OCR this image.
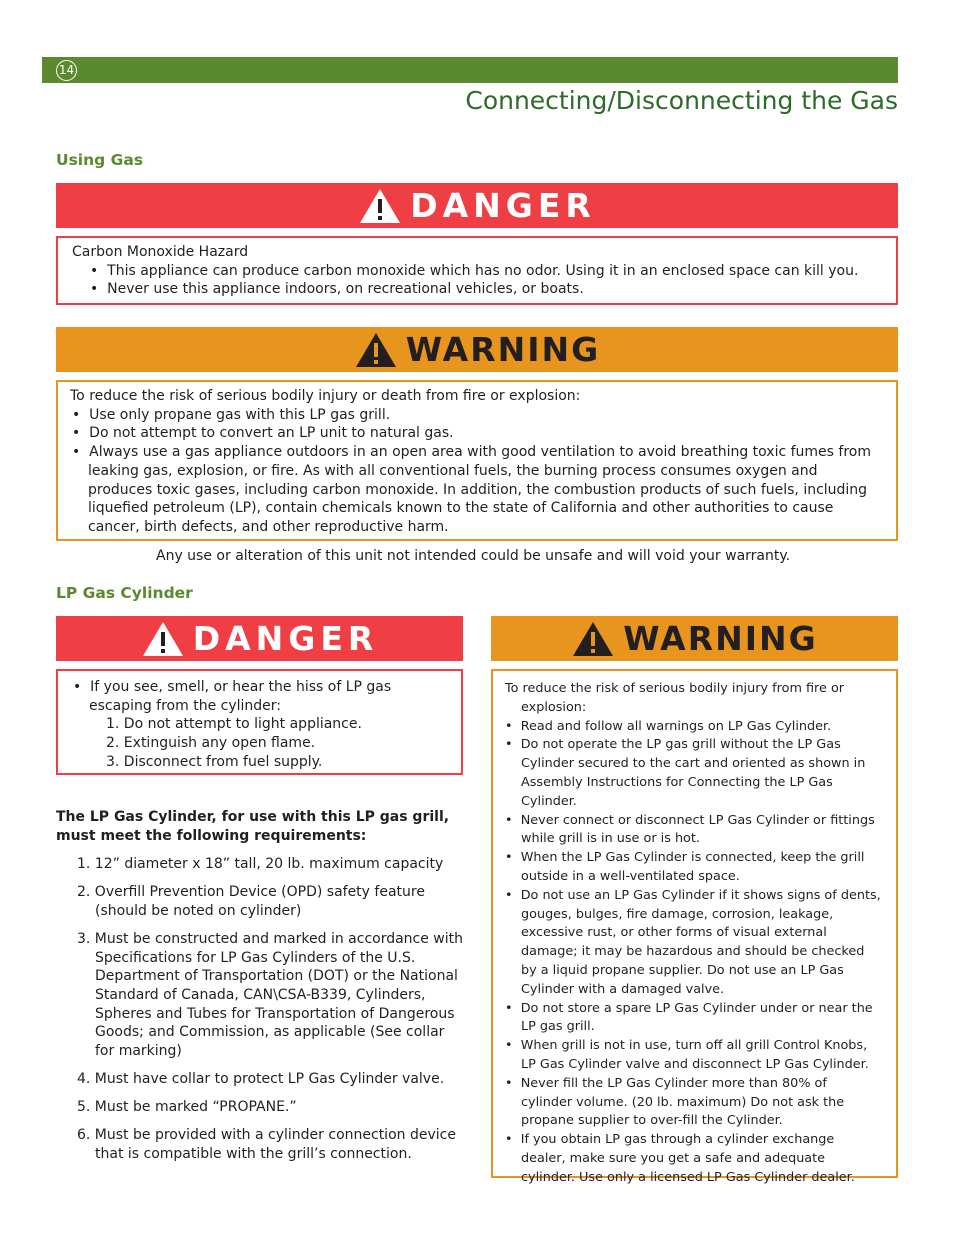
14
Connecting/Disconnecting the Gas
Using Gas
DANGER
Carbon Monoxide Hazard
•  This appliance can produce carbon monoxide which has no odor. Using it in an enclosed space can kill you.
•  Never use this appliance indoors, on recreational vehicles, or boats.
WARNING
To reduce the risk of serious bodily injury or death from fire or explosion:
•  Use only propane gas with this LP gas grill.
•  Do not attempt to convert an LP unit to natural gas.
•  Always use a gas appliance outdoors in an open area with good ventilation to avoid breathing toxic fumes from leaking gas, explosion, or fire. As with all conventional fuels, the burning process consumes oxygen and produces toxic gases, including carbon monoxide. In addition, the combustion products of such fuels, including liquefied petroleum (LP), contain chemicals known to the state of California and other authorities to cause cancer, birth defects, and other reproductive harm.
Any use or alteration of this unit not intended could be unsafe and will void your warranty.
LP Gas Cylinder
DANGER
•  If you see, smell, or hear the hiss of LP gas escaping from the cylinder:
1. Do not attempt to light appliance.
2. Extinguish any open flame.
3. Disconnect from fuel supply.
The LP Gas Cylinder, for use with this LP gas grill, must meet the following requirements:
1. 12” diameter x 18” tall, 20 lb. maximum capacity
2. Overfill Prevention Device (OPD) safety feature (should be noted on cylinder)
3. Must be constructed and marked in accordance with Specifications for LP Gas Cylinders of the U.S. Department of Transportation (DOT) or the National Standard of Canada, CAN\CSA-B339, Cylinders, Spheres and Tubes for Transportation of Dangerous Goods; and Commission, as applicable (See collar for marking)
4. Must have collar to protect LP Gas Cylinder valve.
5. Must be marked “PROPANE.”
6. Must be provided with a cylinder connection device that is compatible with the grill’s connection.
WARNING
To reduce the risk of serious bodily injury from fire or explosion:
•  Read and follow all warnings on LP Gas Cylinder.
•  Do not operate the LP gas grill without the LP Gas Cylinder secured to the cart and oriented as shown in Assembly Instructions for Connecting the LP Gas Cylinder.
•  Never connect or disconnect LP Gas Cylinder or fittings while grill is in use or is hot.
•  When the LP Gas Cylinder is connected, keep the grill outside in a well-ventilated space.
•  Do not use an LP Gas Cylinder if it shows signs of dents, gouges, bulges, fire damage, corrosion, leakage, excessive rust, or other forms of visual external damage; it may be hazardous and should be checked by a liquid propane supplier. Do not use an LP Gas Cylinder with a damaged valve.
•  Do not store a spare LP Gas Cylinder under or near the LP gas grill.
•  When grill is not in use, turn off all grill Control Knobs, LP Gas Cylinder valve and disconnect LP Gas Cylinder.
•  Never fill the LP Gas Cylinder more than 80% of cylinder volume. (20 lb. maximum) Do not ask the propane supplier to over-fill the Cylinder.
•  If you obtain LP gas through a cylinder exchange dealer, make sure you get a safe and adequate cylinder. Use only a licensed LP Gas Cylinder dealer.
